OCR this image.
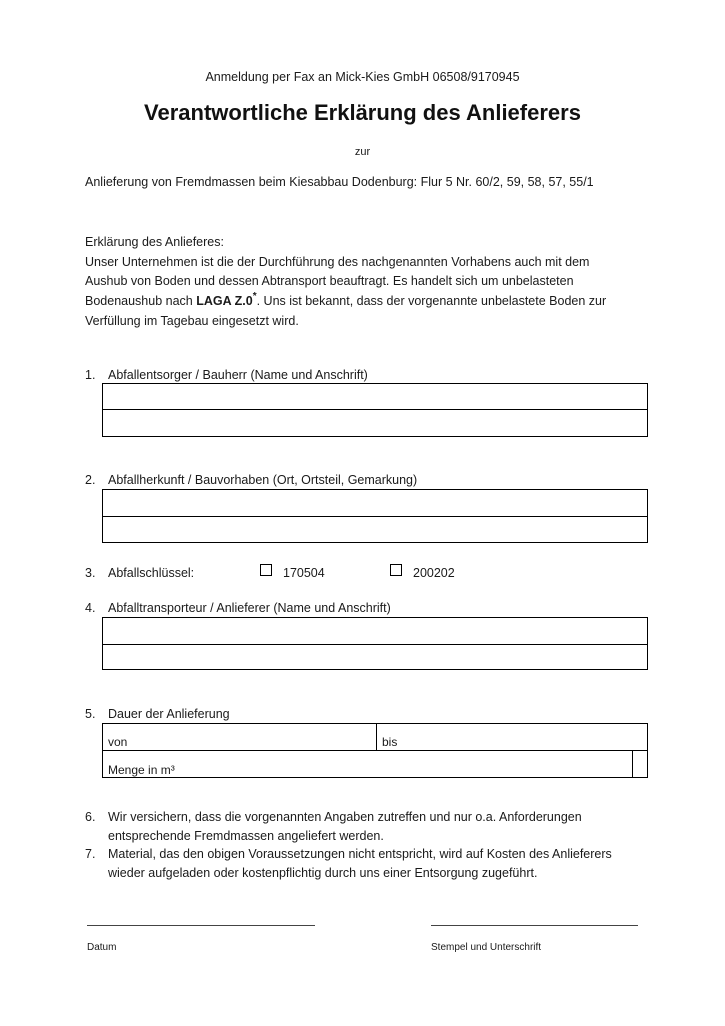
Anmeldung per Fax an Mick-Kies GmbH 06508/9170945
Verantwortliche Erklärung des Anlieferers
zur
Anlieferung von Fremdmassen beim Kiesabbau Dodenburg: Flur 5 Nr. 60/2, 59, 58, 57, 55/1

Erklärung des Anlieferes:

Unser Unternehmen ist die der Durchführung des nachgenannten Vorhabens auch mit dem

Aushub von Boden und dessen Abtransport beauftragt. Es handelt sich um unbelasteten

Bodenaushub nach LAGA Z.0*. Uns ist bekannt, dass der vorgenannte unbelastete Boden zur

Verfüllung im Tagebau eingesetzt wird.

1. Abfallentsorger / Bauherr (Name und Anschrift)
2. Abfallherkunft / Bauvorhaben (Ort, Ortsteil, Gemarkung)
3. Abfallschlüssel:	170504	200202
4. Abfalltransporteur / Anlieferer (Name und Anschrift)
5. Dauer der Anlieferung
von	bis
Menge in m³
6.	Wir versichern, dass die vorgenannten Angaben zutreffen und nur o.a. Anforderungen entsprechende Fremdmassen angeliefert werden.
7.	Material, das den obigen Voraussetzungen nicht entspricht, wird auf Kosten des Anlieferers wieder aufgeladen oder kostenpflichtig durch uns einer Entsorgung zugeführt.
Datum	Stempel und Unterschrift
